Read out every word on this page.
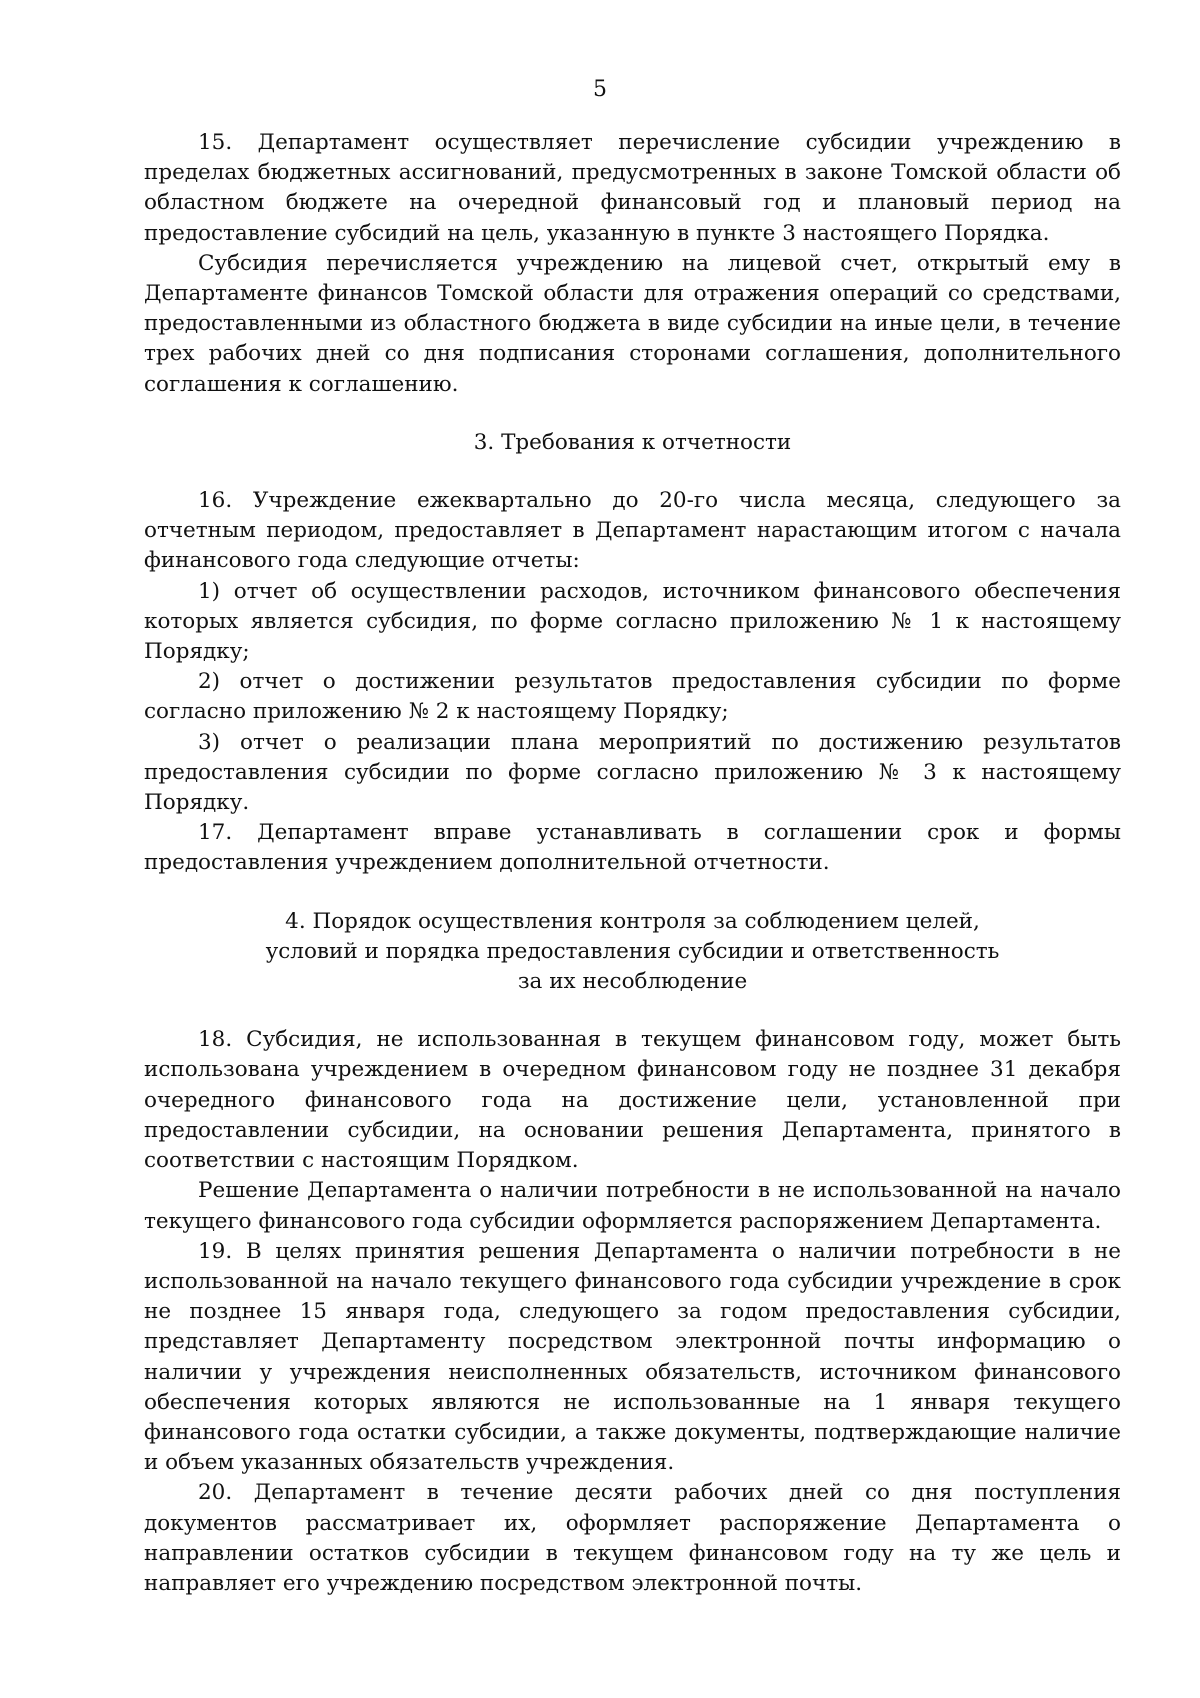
5

15. Департамент осуществляет перечисление субсидии учреждению в пределах бюджетных ассигнований, предусмотренных в законе Томской области об областном бюджете на очередной финансовый год и плановый период на предоставление субсидий на цель, указанную в пункте 3 настоящего Порядка.

Субсидия перечисляется учреждению на лицевой счет, открытый ему в Департаменте финансов Томской области для отражения операций со средствами, предоставленными из областного бюджета в виде субсидии на иные цели, в течение трех рабочих дней со дня подписания сторонами соглашения, дополнительного соглашения к соглашению.

3. Требования к отчетности

16. Учреждение ежеквартально до 20-го числа месяца, следующего за отчетным периодом, предоставляет в Департамент нарастающим итогом с начала финансового года следующие отчеты:

1) отчет об осуществлении расходов, источником финансового обеспечения которых является субсидия, по форме согласно приложению № 1 к настоящему Порядку;

2) отчет о достижении результатов предоставления субсидии по форме согласно приложению № 2 к настоящему Порядку;

3) отчет о реализации плана мероприятий по достижению результатов предоставления субсидии по форме согласно приложению № 3 к настоящему Порядку.

17. Департамент вправе устанавливать в соглашении срок и формы предоставления учреждением дополнительной отчетности.

4. Порядок осуществления контроля за соблюдением целей,

условий и порядка предоставления субсидии и ответственность

за их несоблюдение

18. Субсидия, не использованная в текущем финансовом году, может быть использована учреждением в очередном финансовом году не позднее 31 декабря очередного финансового года на достижение цели, установленной при предоставлении субсидии, на основании решения Департамента, принятого в соответствии с настоящим Порядком.

Решение Департамента о наличии потребности в не использованной на начало текущего финансового года субсидии оформляется распоряжением Департамента.

19. В целях принятия решения Департамента о наличии потребности в не использованной на начало текущего финансового года субсидии учреждение в срок не позднее 15 января года, следующего за годом предоставления субсидии, представляет Департаменту посредством электронной почты информацию о наличии у учреждения неисполненных обязательств, источником финансового обеспечения которых являются не использованные на 1 января текущего финансового года остатки субсидии, а также документы, подтверждающие наличие и объем указанных обязательств учреждения.

20. Департамент в течение десяти рабочих дней со дня поступления документов рассматривает их, оформляет распоряжение Департамента о направлении остатков субсидии в текущем финансовом году на ту же цель и направляет его учреждению посредством электронной почты.
